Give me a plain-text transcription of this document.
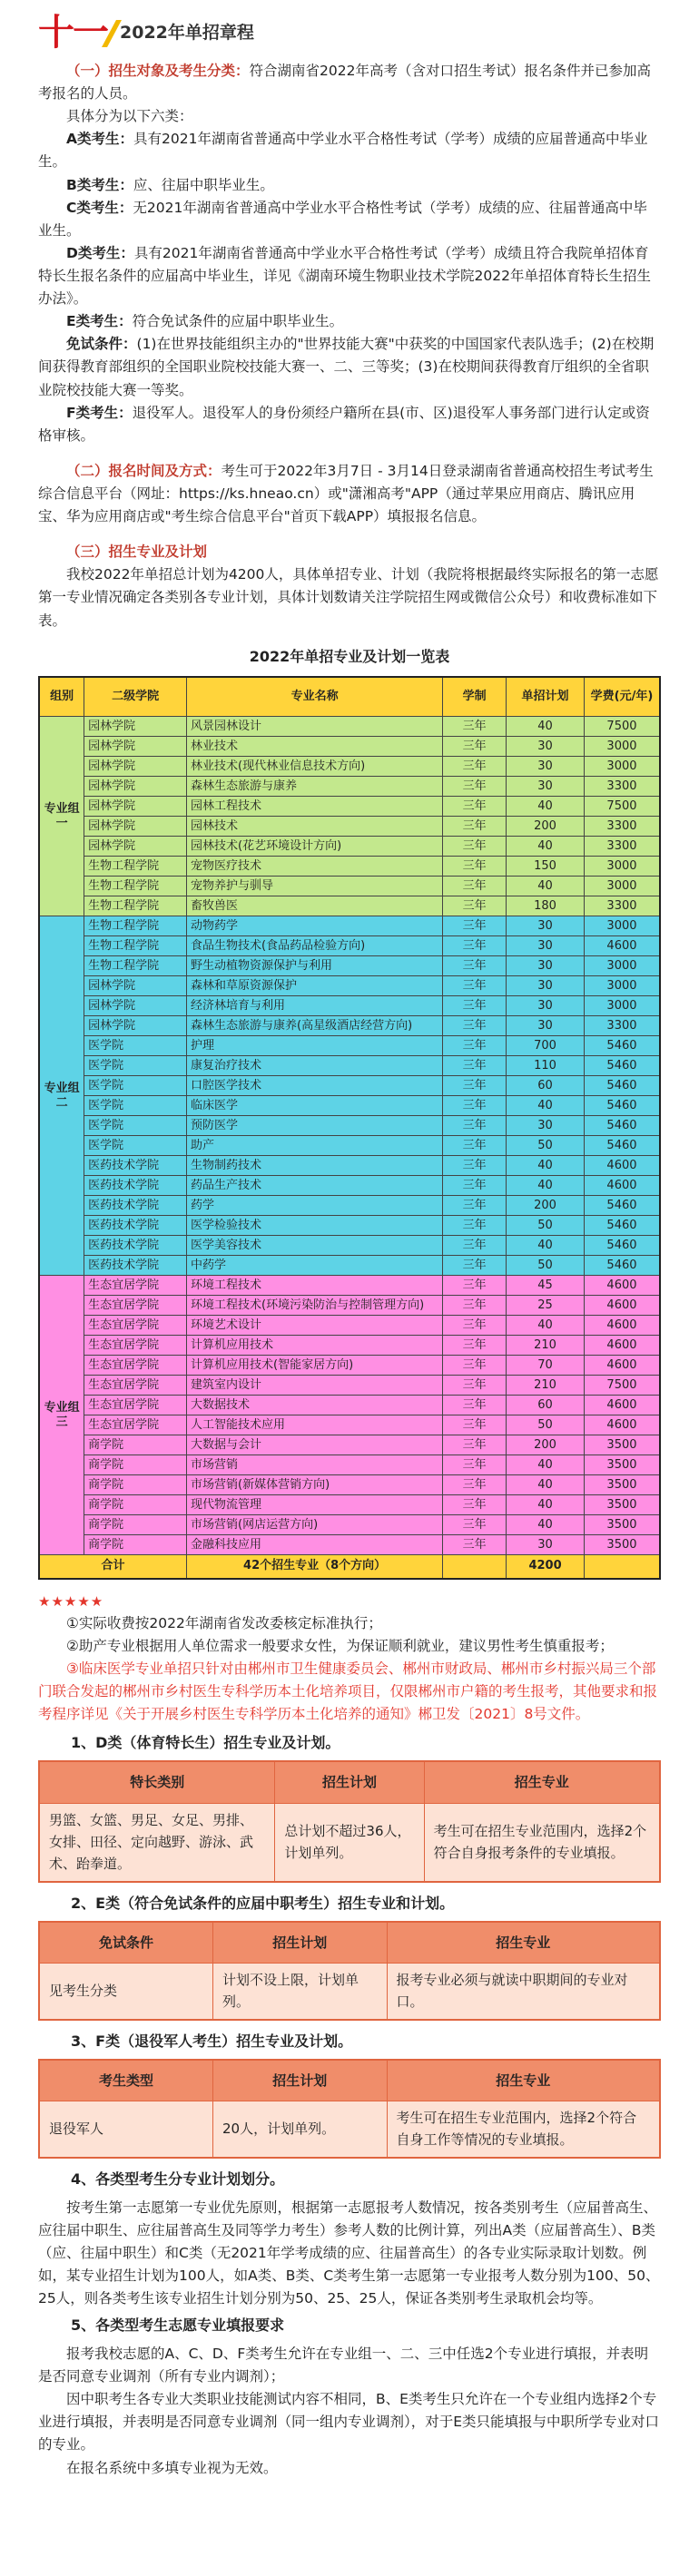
十一 2022年单招章程

（一）招生对象及考生分类：符合湖南省2022年高考（含对口招生考试）报名条件并已参加高考报名的人员。

具体分为以下六类：

A类考生：具有2021年湖南省普通高中学业水平合格性考试（学考）成绩的应届普通高中毕业生。

B类考生：应、往届中职毕业生。

C类考生：无2021年湖南省普通高中学业水平合格性考试（学考）成绩的应、往届普通高中毕业生。

D类考生：具有2021年湖南省普通高中学业水平合格性考试（学考）成绩且符合我院单招体育特长生报名条件的应届高中毕业生，详见《湖南环境生物职业技术学院2022年单招体育特长生招生办法》。

E类考生：符合免试条件的应届中职毕业生。

免试条件：(1)在世界技能组织主办的"世界技能大赛"中获奖的中国国家代表队选手；(2)在校期间获得教育部组织的全国职业院校技能大赛一、二、三等奖；(3)在校期间获得教育厅组织的全省职业院校技能大赛一等奖。

F类考生：退役军人。退役军人的身份须经户籍所在县(市、区)退役军人事务部门进行认定或资格审核。

（二）报名时间及方式：考生可于2022年3月7日 - 3月14日登录湖南省普通高校招生考试考生综合信息平台（网址：https://ks.hneao.cn）或"潇湘高考"APP（通过苹果应用商店、腾讯应用宝、华为应用商店或"考生综合信息平台"首页下载APP）填报报名信息。

（三）招生专业及计划

我校2022年单招总计划为4200人，具体单招专业、计划（我院将根据最终实际报名的第一志愿第一专业情况确定各类别各专业计划，具体计划数请关注学院招生网或微信公众号）和收费标准如下表。

2022年单招专业及计划一览表
组别	二级学院	专业名称	学制	单招计划	学费(元/年)
专业组一	园林学院	风景园林设计	三年	40	7500
	园林学院	林业技术	三年	30	3000
	园林学院	林业技术(现代林业信息技术方向)	三年	30	3000
	园林学院	森林生态旅游与康养	三年	30	3300
	园林学院	园林工程技术	三年	40	7500
	园林学院	园林技术	三年	200	3300
	园林学院	园林技术(花艺环境设计方向)	三年	40	3300
	生物工程学院	宠物医疗技术	三年	150	3000
	生物工程学院	宠物养护与驯导	三年	40	3000
	生物工程学院	畜牧兽医	三年	180	3300
专业组二	生物工程学院	动物药学	三年	30	3000
	生物工程学院	食品生物技术(食品药品检验方向)	三年	30	4600
	生物工程学院	野生动植物资源保护与利用	三年	30	3000
	园林学院	森林和草原资源保护	三年	30	3000
	园林学院	经济林培育与利用	三年	30	3000
	园林学院	森林生态旅游与康养(高星级酒店经营方向)	三年	30	3300
	医学院	护理	三年	700	5460
	医学院	康复治疗技术	三年	110	5460
	医学院	口腔医学技术	三年	60	5460
	医学院	临床医学	三年	40	5460
	医学院	预防医学	三年	30	5460
	医学院	助产	三年	50	5460
	医药技术学院	生物制药技术	三年	40	4600
	医药技术学院	药品生产技术	三年	40	4600
	医药技术学院	药学	三年	200	5460
	医药技术学院	医学检验技术	三年	50	5460
	医药技术学院	医学美容技术	三年	40	5460
	医药技术学院	中药学	三年	50	5460
专业组三	生态宜居学院	环境工程技术	三年	45	4600
	生态宜居学院	环境工程技术(环境污染防治与控制管理方向)	三年	25	4600
	生态宜居学院	环境艺术设计	三年	40	4600
	生态宜居学院	计算机应用技术	三年	210	4600
	生态宜居学院	计算机应用技术(智能家居方向)	三年	70	4600
	生态宜居学院	建筑室内设计	三年	210	7500
	生态宜居学院	大数据技术	三年	60	4600
	生态宜居学院	人工智能技术应用	三年	50	4600
	商学院	大数据与会计	三年	200	3500
	商学院	市场营销	三年	40	3500
	商学院	市场营销(新媒体营销方向)	三年	40	3500
	商学院	现代物流管理	三年	40	3500
	商学院	市场营销(网店运营方向)	三年	40	3500
	商学院	金融科技应用	三年	30	3500
合计		42个招生专业（8个方向）		4200	
★★★★★

①实际收费按2022年湖南省发改委核定标准执行；

②助产专业根据用人单位需求一般要求女性，为保证顺利就业，建议男性考生慎重报考；

③临床医学专业单招只针对由郴州市卫生健康委员会、郴州市财政局、郴州市乡村振兴局三个部门联合发起的郴州市乡村医生专科学历本土化培养项目，仅限郴州市户籍的考生报考，其他要求和报考程序详见《关于开展乡村医生专科学历本土化培养的通知》郴卫发〔2021〕8号文件。

1、D类（体育特长生）招生专业及计划。
特长类别	招生计划	招生专业
男篮、女篮、男足、女足、男排、女排、田径、定向越野、游泳、武术、跆拳道。	总计划不超过36人，计划单列。	考生可在招生专业范围内，选择2个符合自身报考条件的专业填报。
2、E类（符合免试条件的应届中职考生）招生专业和计划。
免试条件	招生计划	招生专业
见考生分类	计划不设上限，计划单列。	报考专业必须与就读中职期间的专业对口。
3、F类（退役军人考生）招生专业及计划。
考生类型	招生计划	招生专业
退役军人	20人，计划单列。	考生可在招生专业范围内，选择2个符合自身工作等情况的专业填报。
4、各类型考生分专业计划划分。

按考生第一志愿第一专业优先原则，根据第一志愿报考人数情况，按各类别考生（应届普高生、应往届中职生、应往届普高生及同等学力考生）参考人数的比例计算，列出A类（应届普高生）、B类（应、往届中职生）和C类（无2021年学考成绩的应、往届普高生）的各专业实际录取计划数。例如，某专业招生计划为100人，如A类、B类、C类考生第一志愿第一专业报考人数分别为100、50、25人，则各类考生该专业招生计划分别为50、25、25人，保证各类别考生录取机会均等。

5、各类型考生志愿专业填报要求

报考我校志愿的A、C、D、F类考生允许在专业组一、二、三中任选2个专业进行填报，并表明是否同意专业调剂（所有专业内调剂）；

因中职考生各专业大类职业技能测试内容不相同，B、E类考生只允许在一个专业组内选择2个专业进行填报，并表明是否同意专业调剂（同一组内专业调剂），对于E类只能填报与中职所学专业对口的专业。

在报名系统中多填专业视为无效。
